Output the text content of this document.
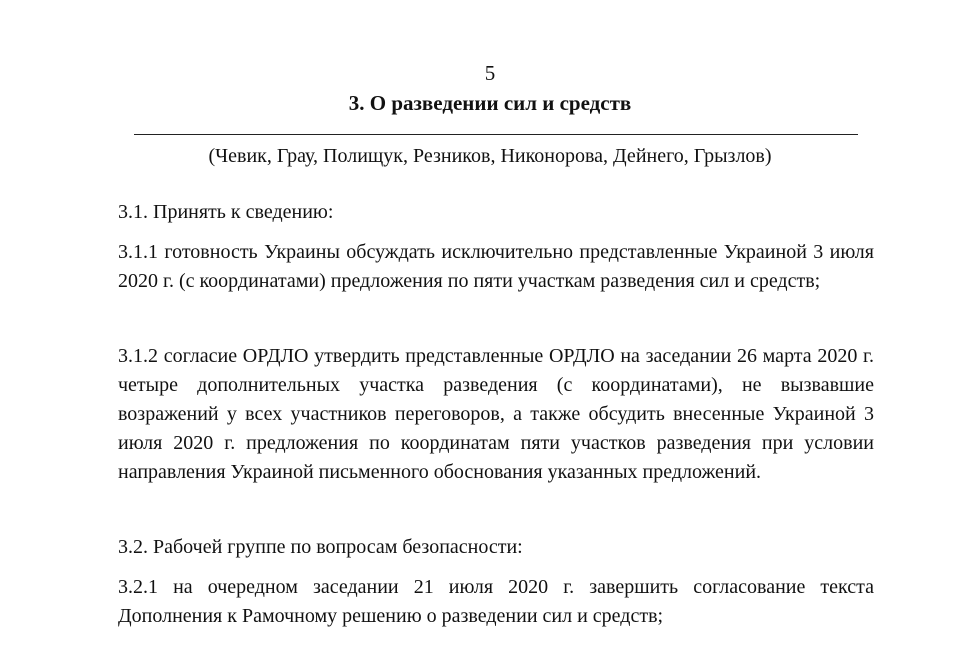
5
3. О разведении сил и средств
(Чевик, Грау, Полищук, Резников, Никонорова, Дейнего, Грызлов)

3.1. Принять к сведению:

3.1.1 готовность Украины обсуждать исключительно представленные Украиной 3 июля 2020 г. (с координатами) предложения по пяти участкам разведения сил и средств;

3.1.2 согласие ОРДЛО утвердить представленные ОРДЛО на заседании 26 марта 2020 г. четыре дополнительных участка разведения (с координатами), не вызвавшие возражений у всех участников переговоров, а также обсудить внесенные Украиной 3 июля 2020 г. предложения по координатам пяти участков разведения при условии направления Украиной письменного обоснования указанных предложений.

3.2. Рабочей группе по вопросам безопасности:

3.2.1 на очередном заседании 21 июля 2020 г. завершить согласование текста Дополнения к Рамочному решению о разведении сил и средств;
